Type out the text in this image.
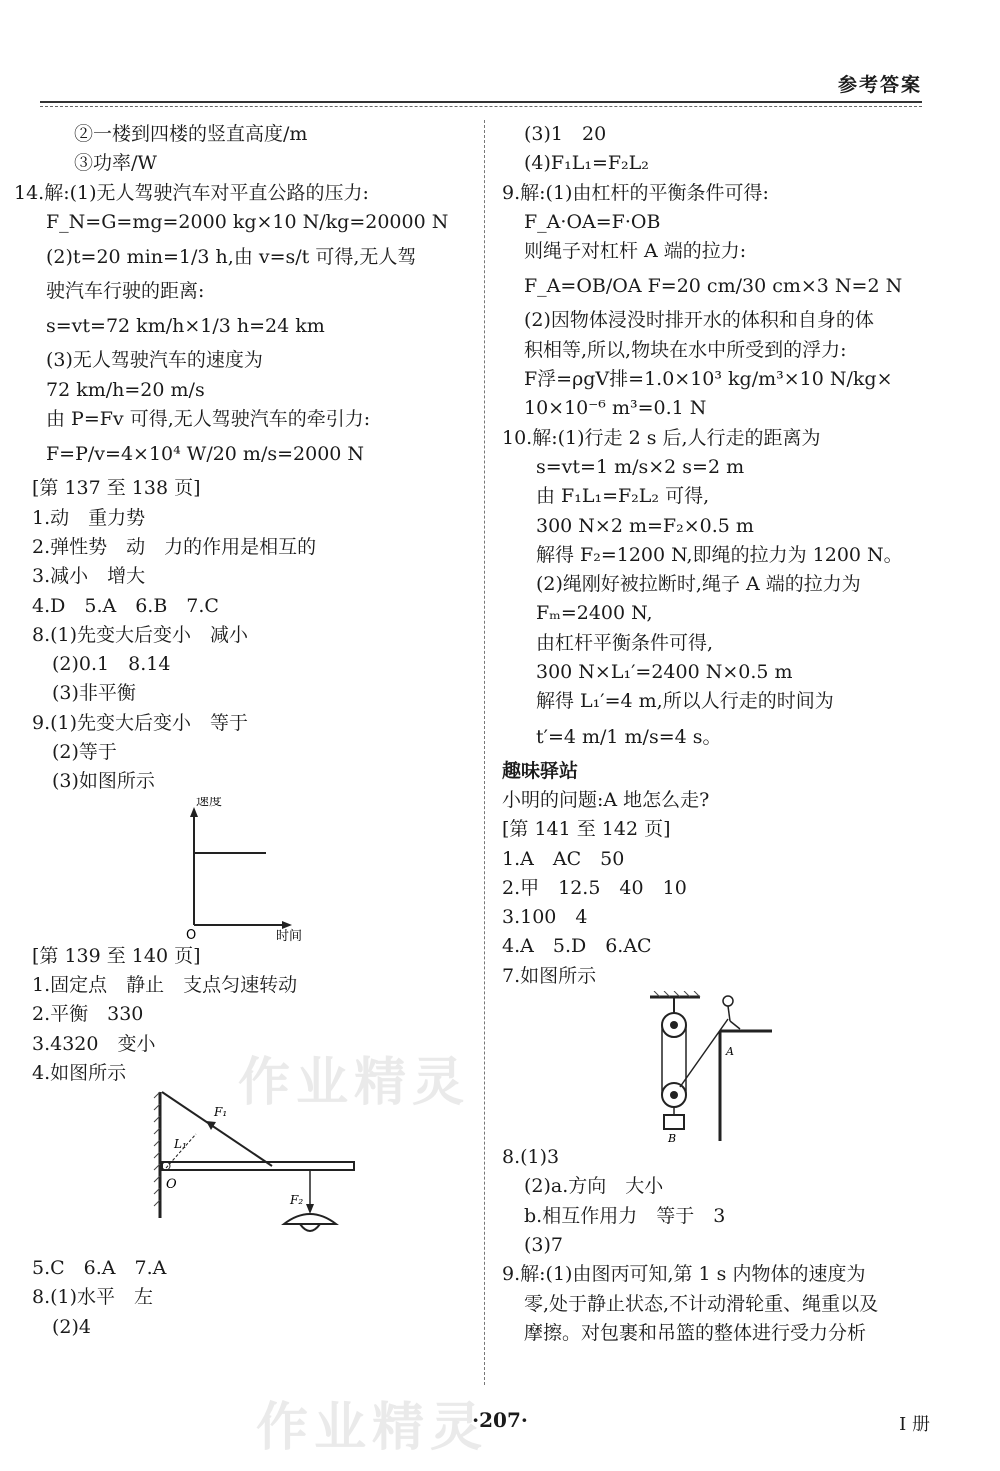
参考答案
作业精灵
作业精灵
②一楼到四楼的竖直高度/m
③功率/W
14.解:(1)无人驾驶汽车对平直公路的压力:
F_N=G=mg=2000 kg×10 N/kg=20000 N
(2)t=20 min=1/3 h,由 v=s/t 可得,无人驾
驶汽车行驶的距离:
s=vt=72 km/h×1/3 h=24 km
(3)无人驾驶汽车的速度为
72 km/h=20 m/s
由 P=Fv 可得,无人驾驶汽车的牵引力:
F=P/v=4×10⁴ W/20 m/s=2000 N
[第 137 至 138 页]
1.动　重力势
2.弹性势　动　力的作用是相互的
3.减小　增大
4.D　5.A　6.B　7.C
8.(1)先变大后变小　减小
(2)0.1　8.14
(3)非平衡
9.(1)先变大后变小　等于
(2)等于
(3)如图所示
速度
时间
O
[第 139 至 140 页]
1.固定点　静止　支点匀速转动
2.平衡　330
3.4320　变小
4.如图所示
F₁
L₁
O
F₂
5.C　6.A　7.A
8.(1)水平　左
(2)4
(3)1　20
(4)F₁L₁=F₂L₂
9.解:(1)由杠杆的平衡条件可得:
F_A·OA=F·OB
则绳子对杠杆 A 端的拉力:
F_A=OB/OA F=20 cm/30 cm×3 N=2 N
(2)因物体浸没时排开水的体积和自身的体
积相等,所以,物块在水中所受到的浮力:
F浮=ρgV排=1.0×10³ kg/m³×10 N/kg×
10×10⁻⁶ m³=0.1 N
10.解:(1)行走 2 s 后,人行走的距离为
s=vt=1 m/s×2 s=2 m
由 F₁L₁=F₂L₂ 可得,
300 N×2 m=F₂×0.5 m
解得 F₂=1200 N,即绳的拉力为 1200 N。
(2)绳刚好被拉断时,绳子 A 端的拉力为
Fₘ=2400 N,
由杠杆平衡条件可得,
300 N×L₁′=2400 N×0.5 m
解得 L₁′=4 m,所以人行走的时间为
t′=4 m/1 m/s=4 s。
趣味驿站
小明的问题:A 地怎么走?
[第 141 至 142 页]
1.A　AC　50
2.甲　12.5　40　10
3.100　4
4.A　5.D　6.AC
7.如图所示
A
B
8.(1)3
(2)a.方向　大小
b.相互作用力　等于　3
(3)7
9.解:(1)由图丙可知,第 1 s 内物体的速度为
零,处于静止状态,不计动滑轮重、绳重以及
摩擦。对包裹和吊篮的整体进行受力分析
·207·	Ⅰ 册
